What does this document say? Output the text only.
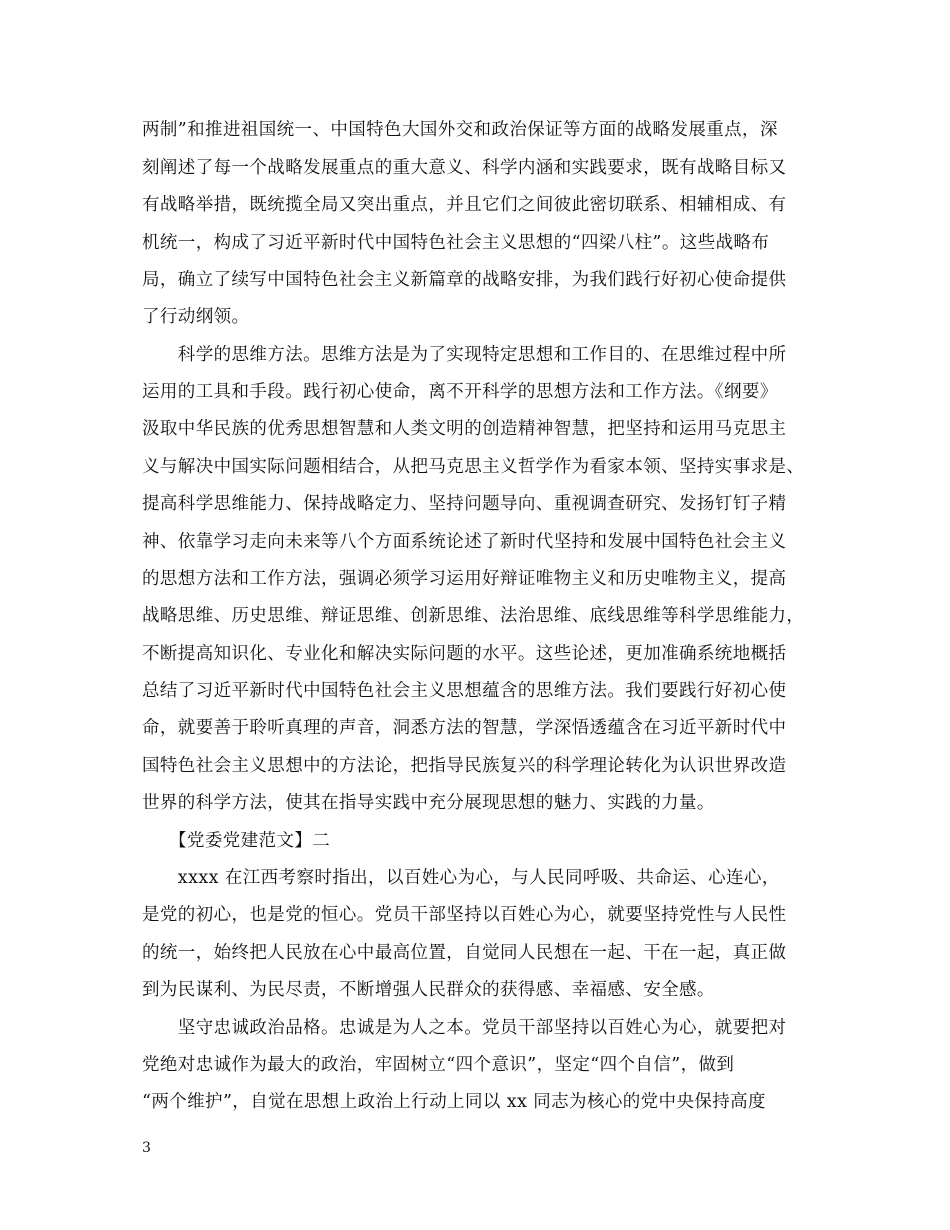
两制”和推进祖国统一、中国特色大国外交和政治保证等方面的战略发展重点，深
刻阐述了每一个战略发展重点的重大意义、科学内涵和实践要求，既有战略目标又
有战略举措，既统揽全局又突出重点，并且它们之间彼此密切联系、相辅相成、有
机统一，构成了习近平新时代中国特色社会主义思想的“四梁八柱”。这些战略布
局，确立了续写中国特色社会主义新篇章的战略安排，为我们践行好初心使命提供
了行动纲领。
　　科学的思维方法。思维方法是为了实现特定思想和工作目的、在思维过程中所
运用的工具和手段。践行初心使命，离不开科学的思想方法和工作方法。《纲要》
汲取中华民族的优秀思想智慧和人类文明的创造精神智慧，把坚持和运用马克思主
义与解决中国实际问题相结合，从把马克思主义哲学作为看家本领、坚持实事求是、
提高科学思维能力、保持战略定力、坚持问题导向、重视调查研究、发扬钉钉子精
神、依靠学习走向未来等八个方面系统论述了新时代坚持和发展中国特色社会主义
的思想方法和工作方法，强调必须学习运用好辩证唯物主义和历史唯物主义，提高
战略思维、历史思维、辩证思维、创新思维、法治思维、底线思维等科学思维能力，
不断提高知识化、专业化和解决实际问题的水平。这些论述，更加准确系统地概括
总结了习近平新时代中国特色社会主义思想蕴含的思维方法。我们要践行好初心使
命，就要善于聆听真理的声音，洞悉方法的智慧，学深悟透蕴含在习近平新时代中
国特色社会主义思想中的方法论，把指导民族复兴的科学理论转化为认识世界改造
世界的科学方法，使其在指导实践中充分展现思想的魅力、实践的力量。
　　【党委党建范文】二
　　xxxx 在江西考察时指出，以百姓心为心，与人民同呼吸、共命运、心连心，
是党的初心，也是党的恒心。党员干部坚持以百姓心为心，就要坚持党性与人民性
的统一，始终把人民放在心中最高位置，自觉同人民想在一起、干在一起，真正做
到为民谋利、为民尽责，不断增强人民群众的获得感、幸福感、安全感。
　　坚守忠诚政治品格。忠诚是为人之本。党员干部坚持以百姓心为心，就要把对
党绝对忠诚作为最大的政治，牢固树立“四个意识”，坚定“四个自信”，做到
“两个维护”，自觉在思想上政治上行动上同以 xx 同志为核心的党中央保持高度
3
